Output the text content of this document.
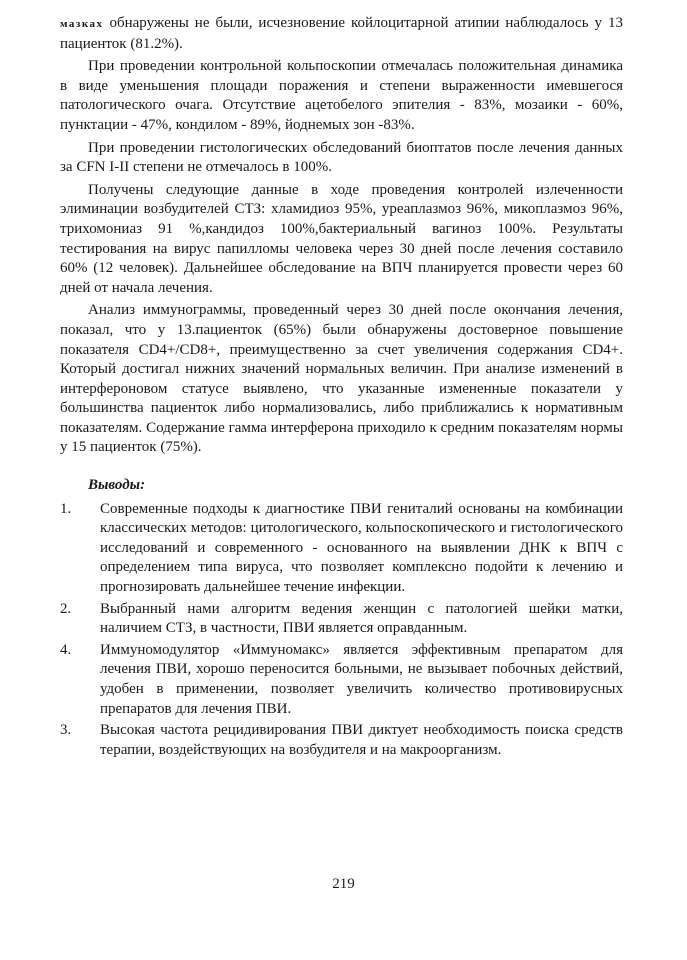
мазках обнаружены не были, исчезновение койлоцитарной атипии наблюдалось у 13 пациенток (81.2%).

При проведении контрольной кольпоскопии отмечалась положительная динамика в виде уменьшения площади поражения и степени выраженности имевшегося патологического очага. Отсутствие ацетобелого эпителия - 83%, мозаики - 60%, пунктации - 47%, кондилом - 89%, йоднемых зон -83%.

При проведении гистологических обследований биоптатов после лечения данных за CFN I-II степени не отмечалось в 100%.

Получены следующие данные в ходе проведения контролей излеченности элиминации возбудителей СТЗ: хламидиоз 95%, уреаплазмоз 96%, микоплазмоз 96%, трихомониаз 91 %,кандидоз 100%,бактериальный вагиноз 100%. Результаты тестирования на вирус папилломы человека через 30 дней после лечения составило 60% (12 человек). Дальнейшее обследование на ВПЧ планируется провести через 60 дней от начала лечения.

Анализ иммунограммы, проведенный через 30 дней после окончания лечения, показал, что у 13.пациенток (65%) были обнаружены достоверное повышение показателя CD4+/CD8+, преимущественно за счет увеличения содержания CD4+. Который достигал нижних значений нормальных величин. При анализе изменений в интерфероновом статусе выявлено, что указанные измененные показатели у большинства пациенток либо нормализовались, либо приближались к нормативным показателям. Содержание гамма интерферона приходило к средним показателям нормы у 15 пациенток (75%).

Выводы:
1. Современные подходы к диагностике ПВИ гениталий основаны на комбинации классических методов: цитологического, кольпоскопического и гистологического исследований и современного - основанного на выявлении ДНК к ВПЧ с определением типа вируса, что позволяет комплексно подойти к лечению и прогнозировать дальнейшее течение инфекции.
2. Выбранный нами алгоритм ведения женщин с патологией шейки матки, наличием СТЗ, в частности, ПВИ является оправданным.
4. Иммуномодулятор «Иммуномакс» является эффективным препаратом для лечения ПВИ, хорошо переносится больными, не вызывает побочных действий, удобен в применении, позволяет увеличить количество противовирусных препаратов для лечения ПВИ.
3. Высокая частота рецидивирования ПВИ диктует необходимость поиска средств терапии, воздействующих на возбудителя и на макроорганизм.
219
